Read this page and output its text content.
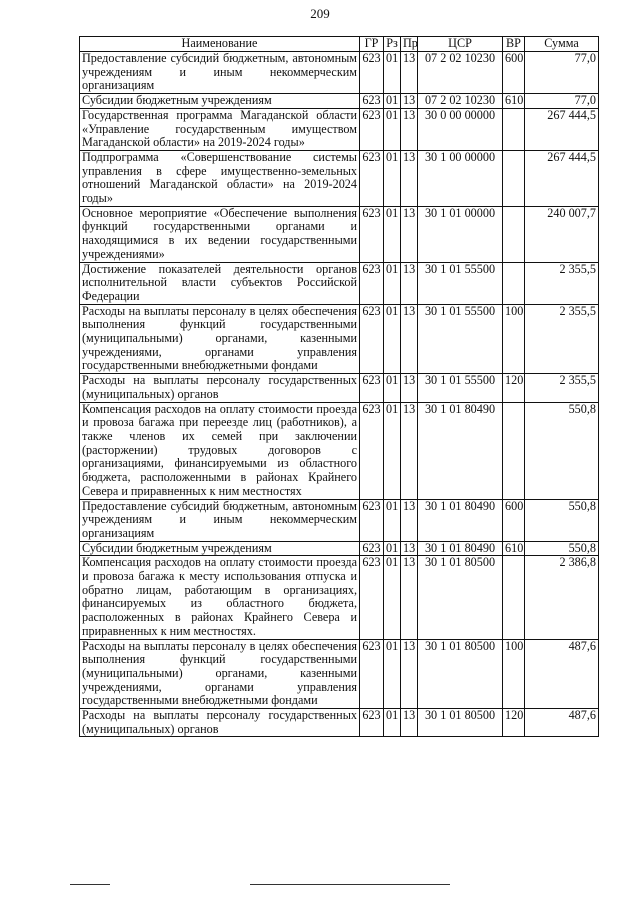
209
Наименование	ГР	Рз	Пр	ЦСР	ВР	Сумма
Предоставление субсидий бюджетным, автономным учреждениям и иным некоммерческим организациям	623	01	13	07 2 02 10230	600	77,0
Субсидии бюджетным учреждениям	623	01	13	07 2 02 10230	610	77,0
Государственная программа Магаданской области «Управление государственным имуществом Магаданской области» на 2019-2024 годы»	623	01	13	30 0 00 00000		267 444,5
Подпрограмма «Совершенствование системы управления в сфере имущественно-земельных отношений Магаданской области» на 2019-2024 годы»	623	01	13	30 1 00 00000		267 444,5
Основное мероприятие «Обеспечение выполнения функций государственными органами и находящимися в их ведении государственными учреждениями»	623	01	13	30 1 01 00000		240 007,7
Достижение показателей деятельности органов исполнительной власти субъектов Российской Федерации	623	01	13	30 1 01 55500		2 355,5
Расходы на выплаты персоналу в целях обеспечения выполнения функций государственными (муниципальными) органами, казенными учреждениями, органами управления государственными внебюджетными фондами	623	01	13	30 1 01 55500	100	2 355,5
Расходы на выплаты персоналу государственных (муниципальных) органов	623	01	13	30 1 01 55500	120	2 355,5
Компенсация расходов на оплату стоимости проезда и провоза багажа при переезде лиц (работников), а также членов их семей при заключении (расторжении) трудовых договоров с организациями, финансируемыми из областного бюджета, расположенными в районах Крайнего Севера и приравненных к ним местностях	623	01	13	30 1 01 80490		550,8
Предоставление субсидий бюджетным, автономным учреждениям и иным некоммерческим организациям	623	01	13	30 1 01 80490	600	550,8
Субсидии бюджетным учреждениям	623	01	13	30 1 01 80490	610	550,8
Компенсация расходов на оплату стоимости проезда и провоза багажа к месту использования отпуска и обратно лицам, работающим в организациях, финансируемых из областного бюджета, расположенных в районах Крайнего Севера и приравненных к ним местностях.	623	01	13	30 1 01 80500		2 386,8
Расходы на выплаты персоналу в целях обеспечения выполнения функций государственными (муниципальными) органами, казенными учреждениями, органами управления государственными внебюджетными фондами	623	01	13	30 1 01 80500	100	487,6
Расходы на выплаты персоналу государственных (муниципальных) органов	623	01	13	30 1 01 80500	120	487,6
